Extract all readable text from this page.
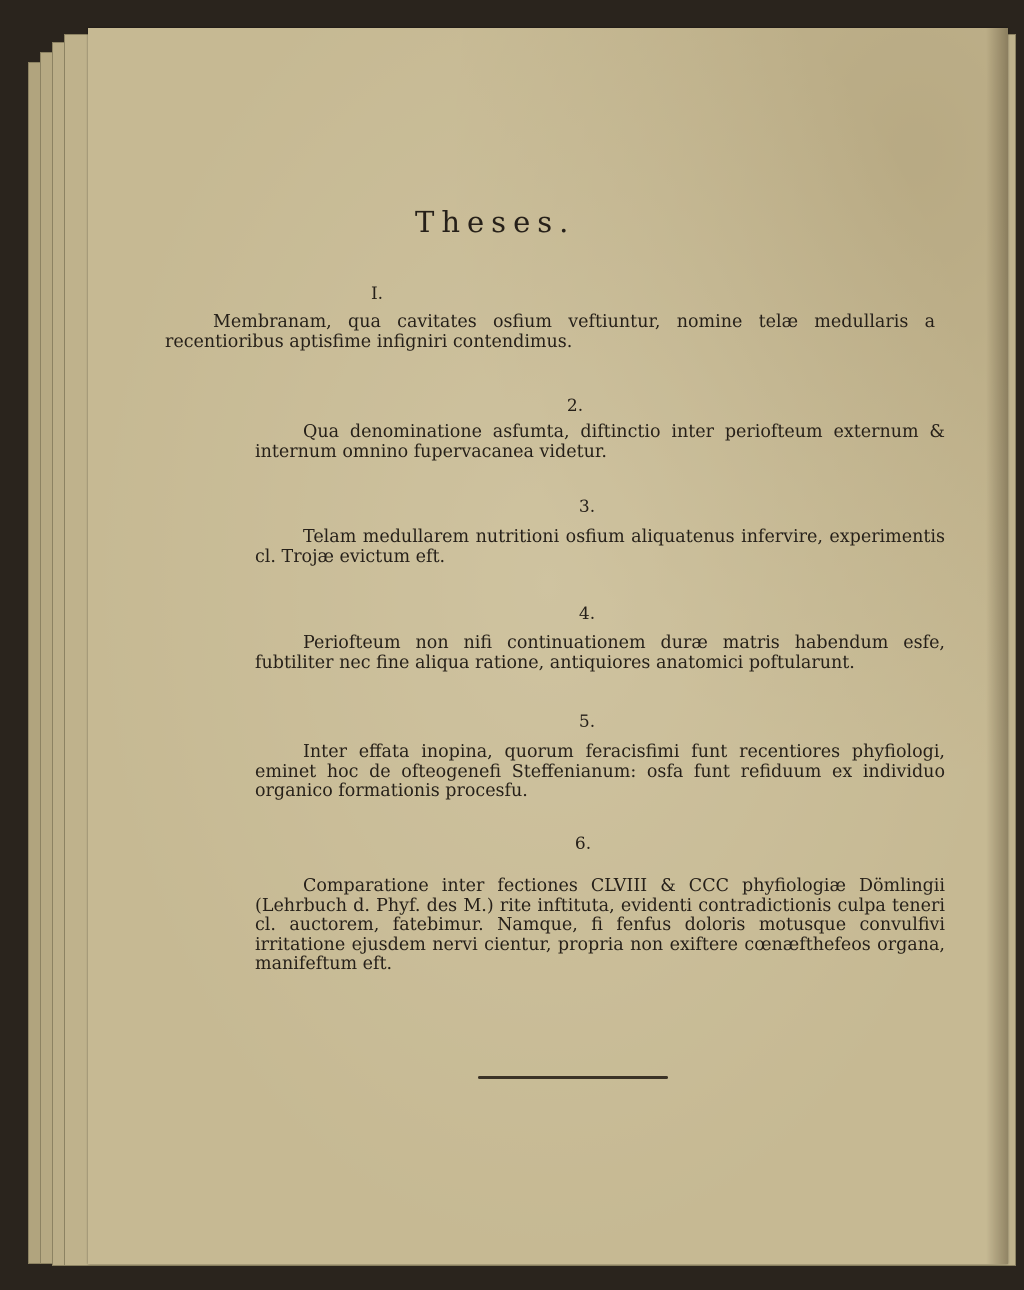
Theses.
I.
Membranam, qua cavitates osfium veftiuntur, nomine telæ medullaris a recentioribus aptisfime infigniri contendimus.
2.
Qua denominatione asfumta, diftinctio inter periofteum externum & internum omnino fupervacanea videtur.
3.
Telam medullarem nutritioni osfium aliquatenus infervire, experimentis cl. Trojæ evictum eft.
4.
Periofteum non nifi continuationem duræ matris habendum esfe, fubtiliter nec fine aliqua ratione, antiquiores anatomici poftularunt.
5.
Inter effata inopina, quorum feracisfimi funt recentiores phyfiologi, eminet hoc de ofteogenefi Steffenianum: osfa funt refiduum ex individuo organico formationis procesfu.
6.
Comparatione inter fectiones CLVIII & CCC phyfiologiæ Dömlingii (Lehrbuch d. Phyf. des M.) rite inftituta, evidenti contradictionis culpa teneri cl. auctorem, fatebimur. Namque, fi fenfus doloris motusque convulfivi irritatione ejusdem nervi cientur, propria non exiftere cœnæfthefeos organa, manifeftum eft.
